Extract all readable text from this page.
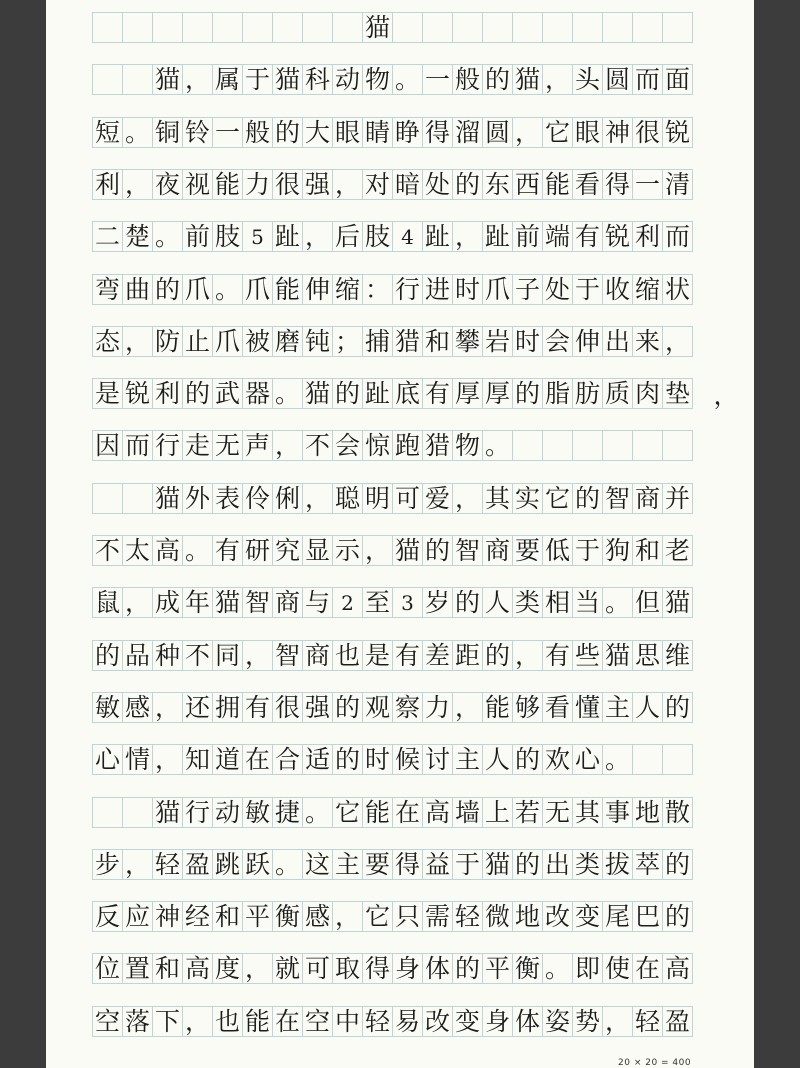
20 × 20 = 400
猫
猫 ， 属 于 猫 科 动 物 。 一 般 的 猫 ， 头 圆 而 面
短 。 铜 铃 一 般 的 大 眼 睛 睁 得 溜 圆 ， 它 眼 神 很 锐
利 ， 夜 视 能 力 很 强 ， 对 暗 处 的 东 西 能 看 得 一 清
二 楚 。 前 肢 5 趾 ， 后 肢 4 趾 ， 趾 前 端 有 锐 利 而
弯 曲 的 爪 。 爪 能 伸 缩 ： 行 进 时 爪 子 处 于 收 缩 状
态 ， 防 止 爪 被 磨 钝 ； 捕 猎 和 攀 岩 时 会 伸 出 来 ，
是 锐 利 的 武 器 。 猫 的 趾 底 有 厚 厚 的 脂 肪 质 肉 垫 ，
因 而 行 走 无 声 ， 不 会 惊 跑 猎 物 。
猫 外 表 伶 俐 ， 聪 明 可 爱 ， 其 实 它 的 智 商 并
不 太 高 。 有 研 究 显 示 ， 猫 的 智 商 要 低 于 狗 和 老
鼠 ， 成 年 猫 智 商 与 2 至 3 岁 的 人 类 相 当 。 但 猫
的 品 种 不 同 ， 智 商 也 是 有 差 距 的 ， 有 些 猫 思 维
敏 感 ， 还 拥 有 很 强 的 观 察 力 ， 能 够 看 懂 主 人 的
心 情 ， 知 道 在 合 适 的 时 候 讨 主 人 的 欢 心 。
猫 行 动 敏 捷 。 它 能 在 高 墙 上 若 无 其 事 地 散
步 ， 轻 盈 跳 跃 。 这 主 要 得 益 于 猫 的 出 类 拔 萃 的
反 应 神 经 和 平 衡 感 ， 它 只 需 轻 微 地 改 变 尾 巴 的
位 置 和 高 度 ， 就 可 取 得 身 体 的 平 衡 。 即 使 在 高
空 落 下 ， 也 能 在 空 中 轻 易 改 变 身 体 姿 势 ， 轻 盈
